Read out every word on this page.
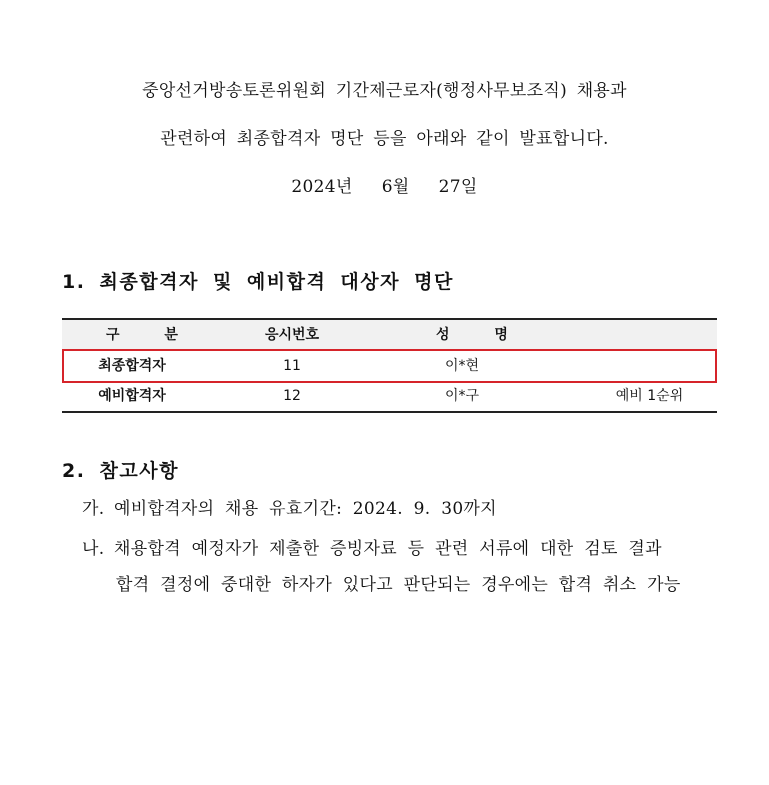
중앙선거방송토론위원회 기간제근로자(행정사무보조직) 채용과
관련하여 최종합격자 명단 등을 아래와 같이 발표합니다.
2024년   6월   27일
1. 최종합격자 및 예비합격 대상자 명단
구 분	응시번호	성 명
최종합격자	11	이*현
예비합격자	12	이*구	예비 1순위
2. 참고사항
가. 예비합격자의 채용 유효기간: 2024. 9. 30까지
나. 채용합격 예정자가 제출한 증빙자료 등 관련 서류에 대한 검토 결과
합격 결정에 중대한 하자가 있다고 판단되는 경우에는 합격 취소 가능
